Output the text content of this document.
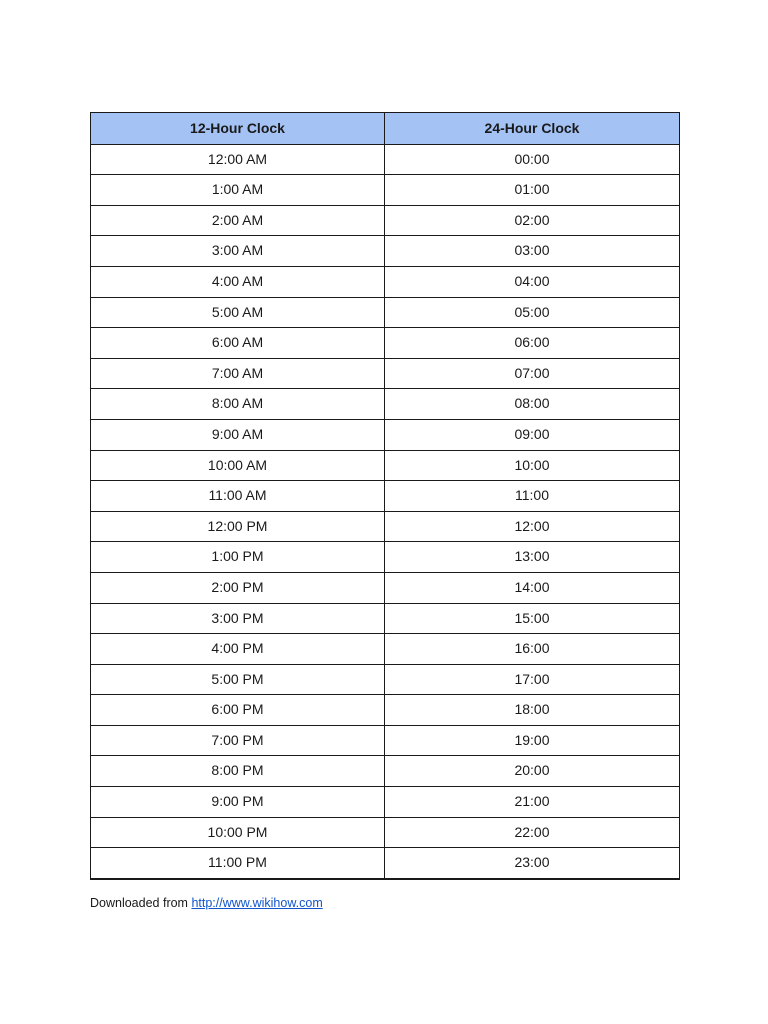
12-Hour Clock	24-Hour Clock
12:00 AM	00:00
1:00 AM	01:00
2:00 AM	02:00
3:00 AM	03:00
4:00 AM	04:00
5:00 AM	05:00
6:00 AM	06:00
7:00 AM	07:00
8:00 AM	08:00
9:00 AM	09:00
10:00 AM	10:00
11:00 AM	11:00
12:00 PM	12:00
1:00 PM	13:00
2:00 PM	14:00
3:00 PM	15:00
4:00 PM	16:00
5:00 PM	17:00
6:00 PM	18:00
7:00 PM	19:00
8:00 PM	20:00
9:00 PM	21:00
10:00 PM	22:00
11:00 PM	23:00
Downloaded from http://www.wikihow.com
